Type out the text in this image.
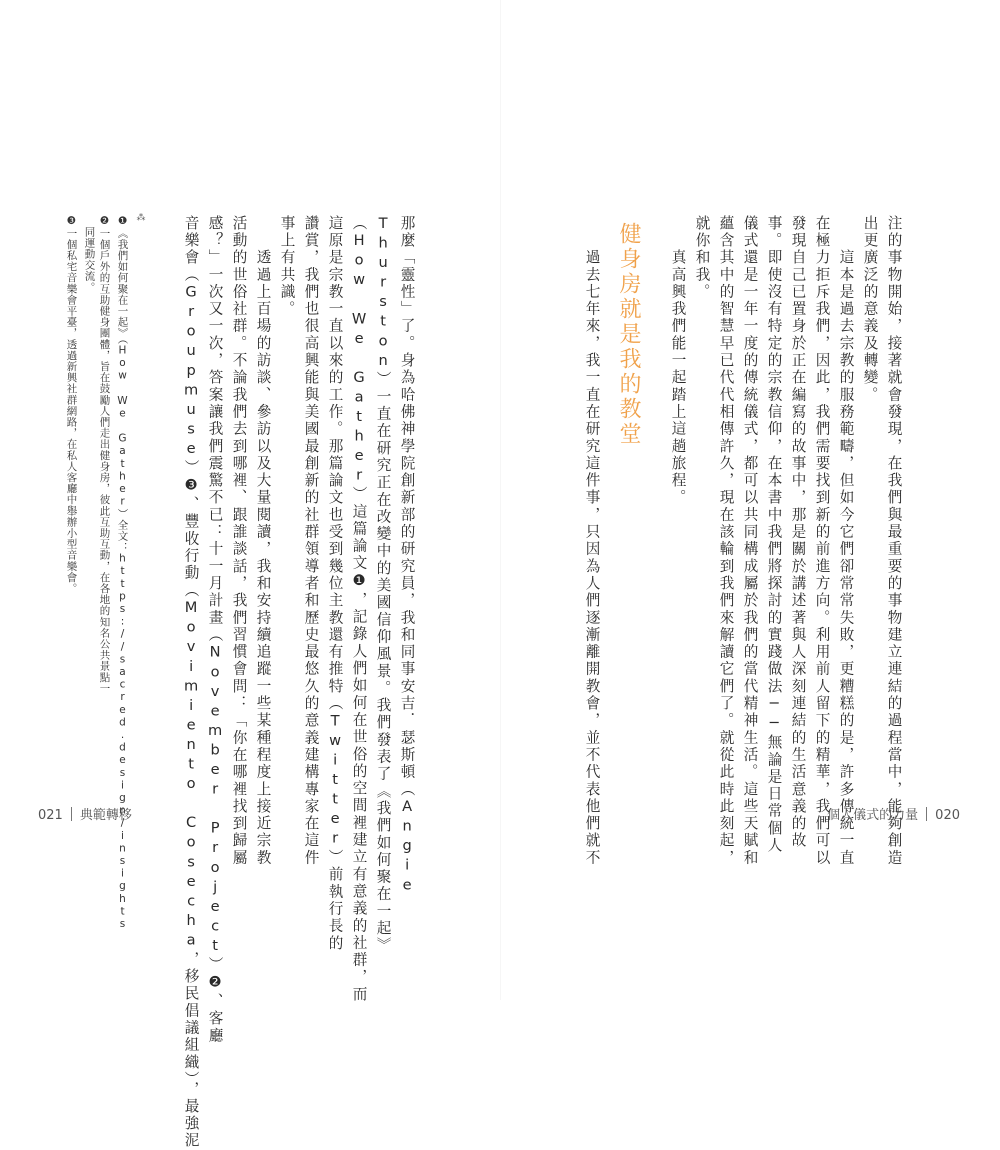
注的事物開始，接著就會發現，在我們與最重要的事物建立連結的過程當中，能夠創造
出更廣泛的意義及轉變。
　　這本是過去宗教的服務範疇，但如今它們卻常常失敗，更糟糕的是，許多傳統一直
在極力拒斥我們，因此，我們需要找到新的前進方向。利用前人留下的精華，我們可以
發現自己已置身於正在編寫的故事中，那是關於講述著與人深刻連結的生活意義的故
事。即使沒有特定的宗教信仰，在本書中我們將探討的實踐做法──無論是日常個人
儀式還是一年一度的傳統儀式，都可以共同構成屬於我們的當代精神生活。這些天賦和
蘊含其中的智慧早已代代相傳許久，現在該輪到我們來解讀它們了。就從此時此刻起，
就你和我。
　　真高興我們能一起踏上這趟旅程。
健身房就是我的教堂
　　過去七年來，我一直在研究這件事，只因為人們逐漸離開教會，並不代表他們就不
那麼「靈性」了。身為哈佛神學院創新部的研究員，我和同事安吉．瑟斯頓（Angie
Thurston）一直在研究正在改變中的美國信仰風景。我們發表了《我們如何聚在一起》
（How We Gather）這篇論文❶，記錄人們如何在世俗的空間裡建立有意義的社群，而
這原是宗教一直以來的工作。那篇論文也受到幾位主教還有推特（Twitter）前執行長的
讚賞，我們也很高興能與美國最創新的社群領導者和歷史最悠久的意義建構專家在這件
事上有共識。
　　透過上百場的訪談、參訪以及大量閱讀，我和安持續追蹤一些某種程度上接近宗教
活動的世俗社群。不論我們去到哪裡、跟誰談話，我們習慣會問：「你在哪裡找到歸屬
感？」一次又一次，答案讓我們震驚不已：十一月計畫（November Project）❷、客廳
音樂會（Groupmuse）❸、豐收行動（Movimiento Cosecha，移民倡議組織），最強泥
⁂
❶《我們如何聚在一起》（How We Gather）全文：https://sacred.design/insights
❷一個戶外的互助健身團體，旨在鼓勵人們走出健身房，彼此互助互動，在各地的知名公共景點一
　同運動交流。
❸一個私宅音樂會平臺，透過新興社群網路，在私人客廳中舉辦小型音樂會。
021 典範轉移	個人儀式的力量 020
